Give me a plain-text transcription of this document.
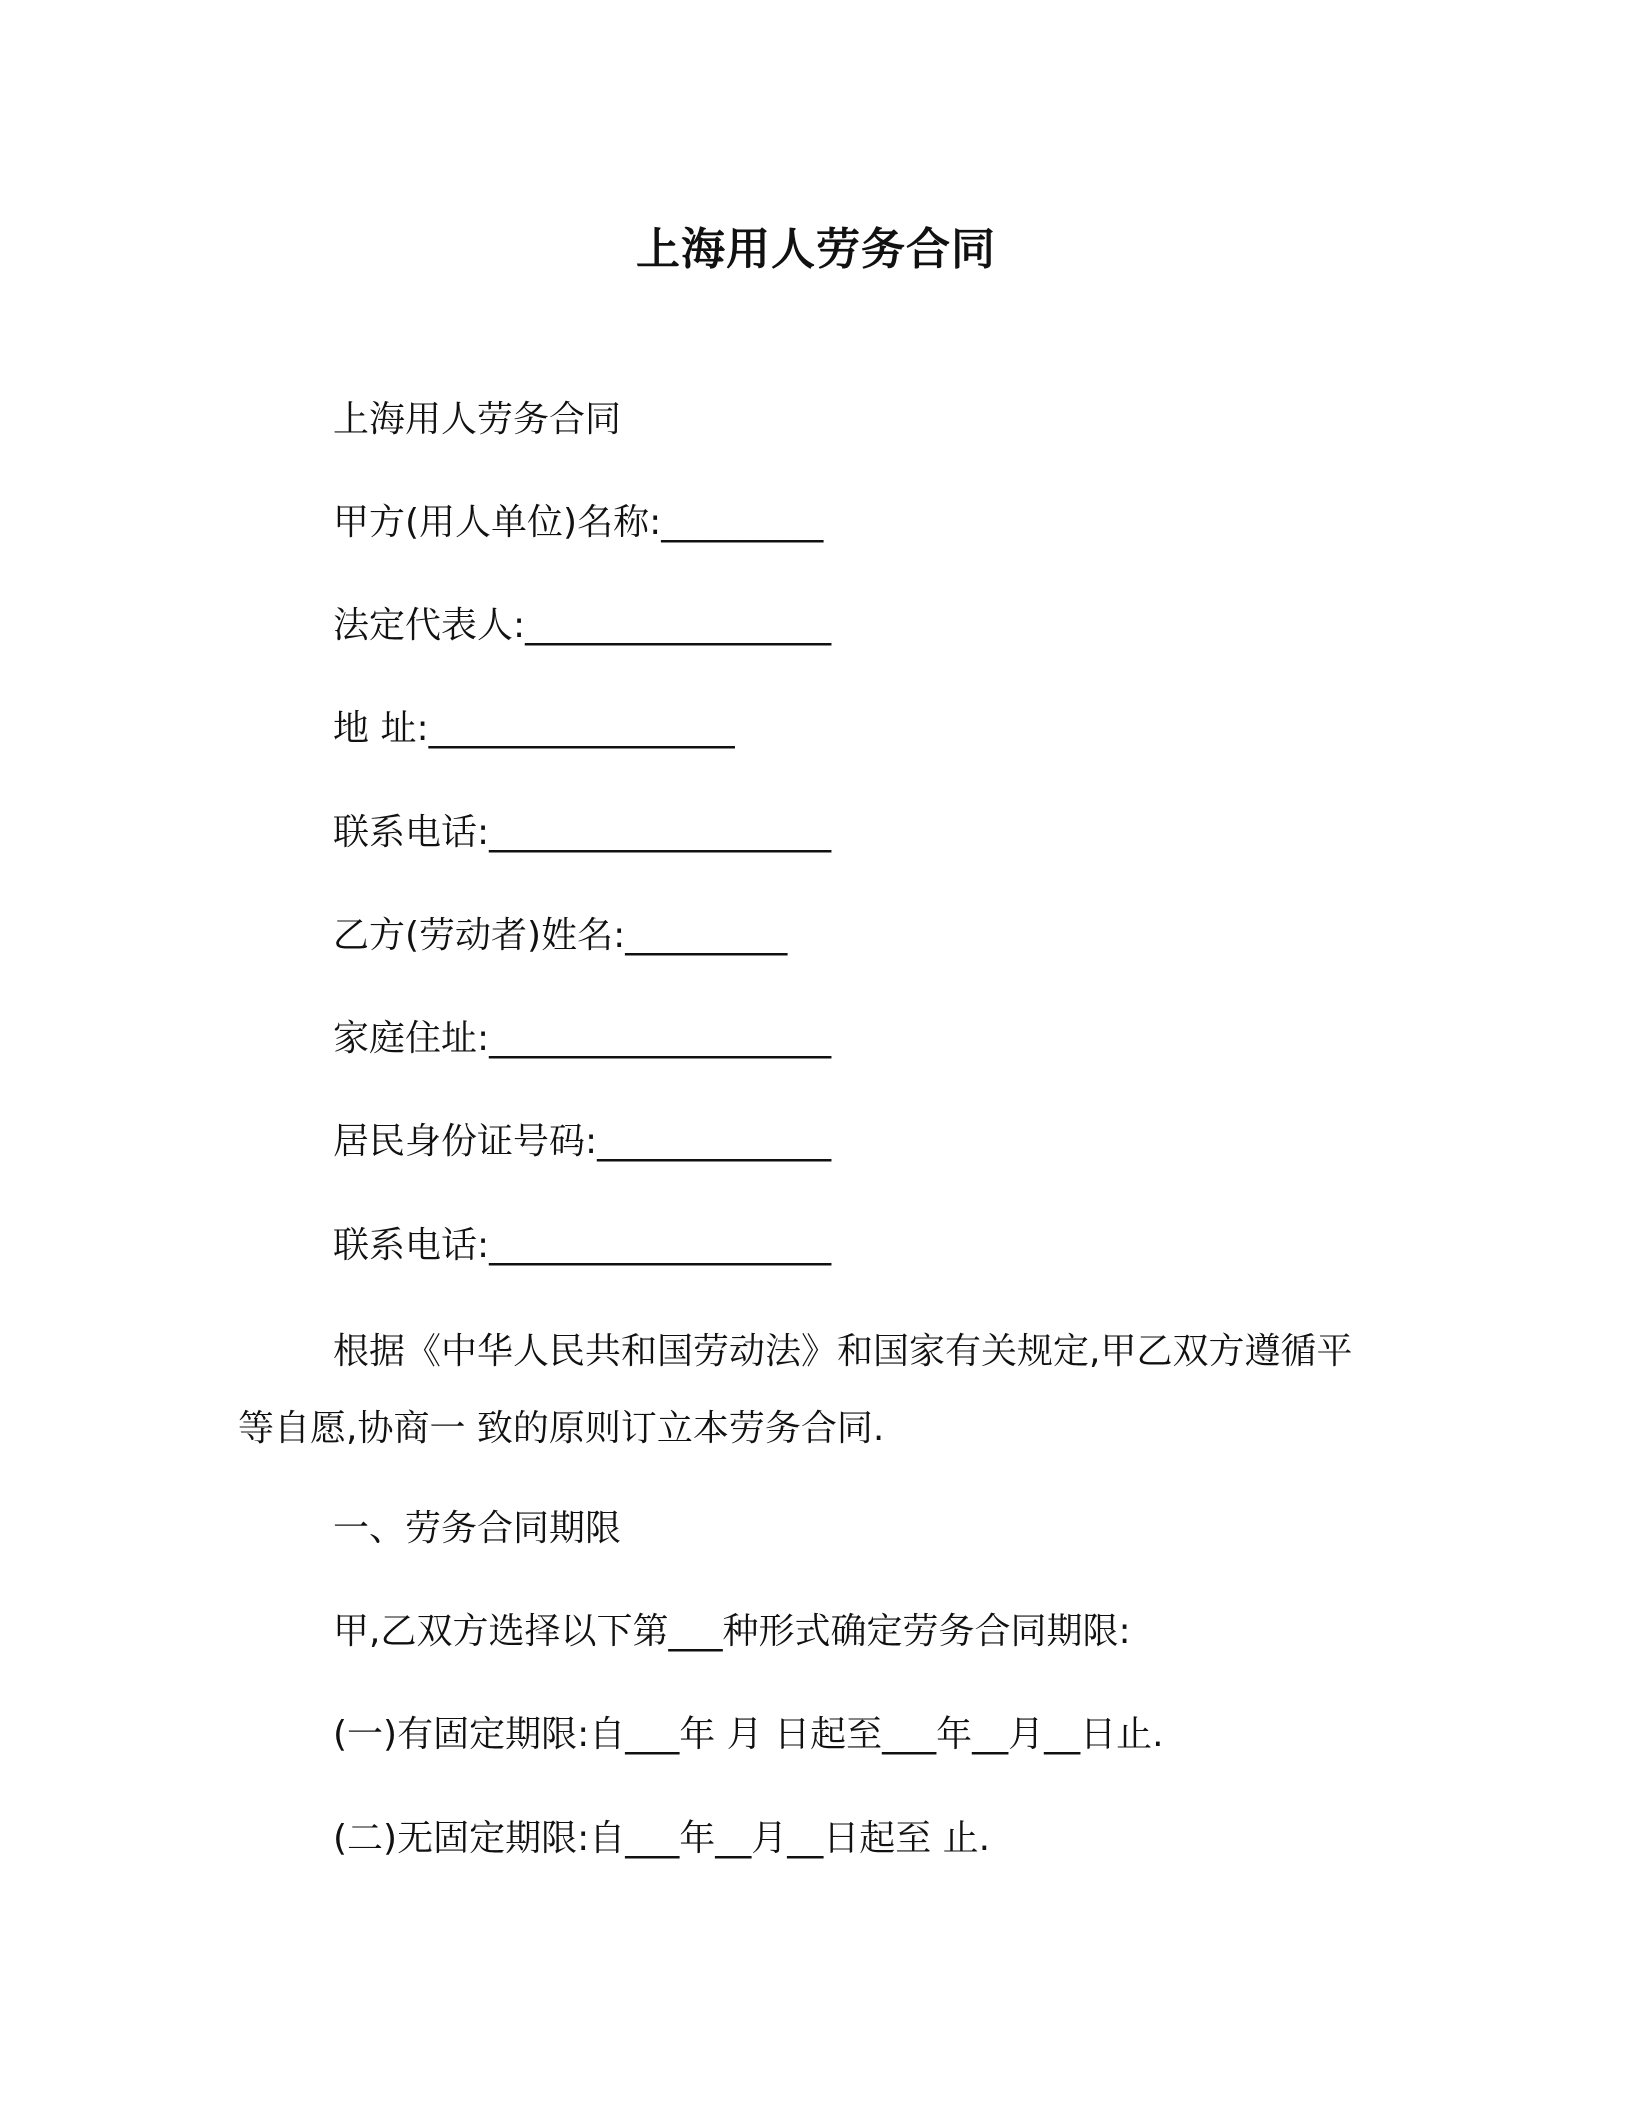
上海用人劳务合同
上海用人劳务合同
甲方(用人单位)名称:_________
法定代表人:_________________
地 址:_________________
联系电话:___________________
乙方(劳动者)姓名:_________
家庭住址:___________________
居民身份证号码:_____________
联系电话:___________________
根据《中华人民共和国劳动法》和国家有关规定,甲乙双方遵循平等自愿,协商一 致的原则订立本劳务合同.
一、劳务合同期限
甲,乙双方选择以下第___种形式确定劳务合同期限:
(一)有固定期限:自___年 月 日起至___年__月__日止.
(二)无固定期限:自___年__月__日起至 止.
